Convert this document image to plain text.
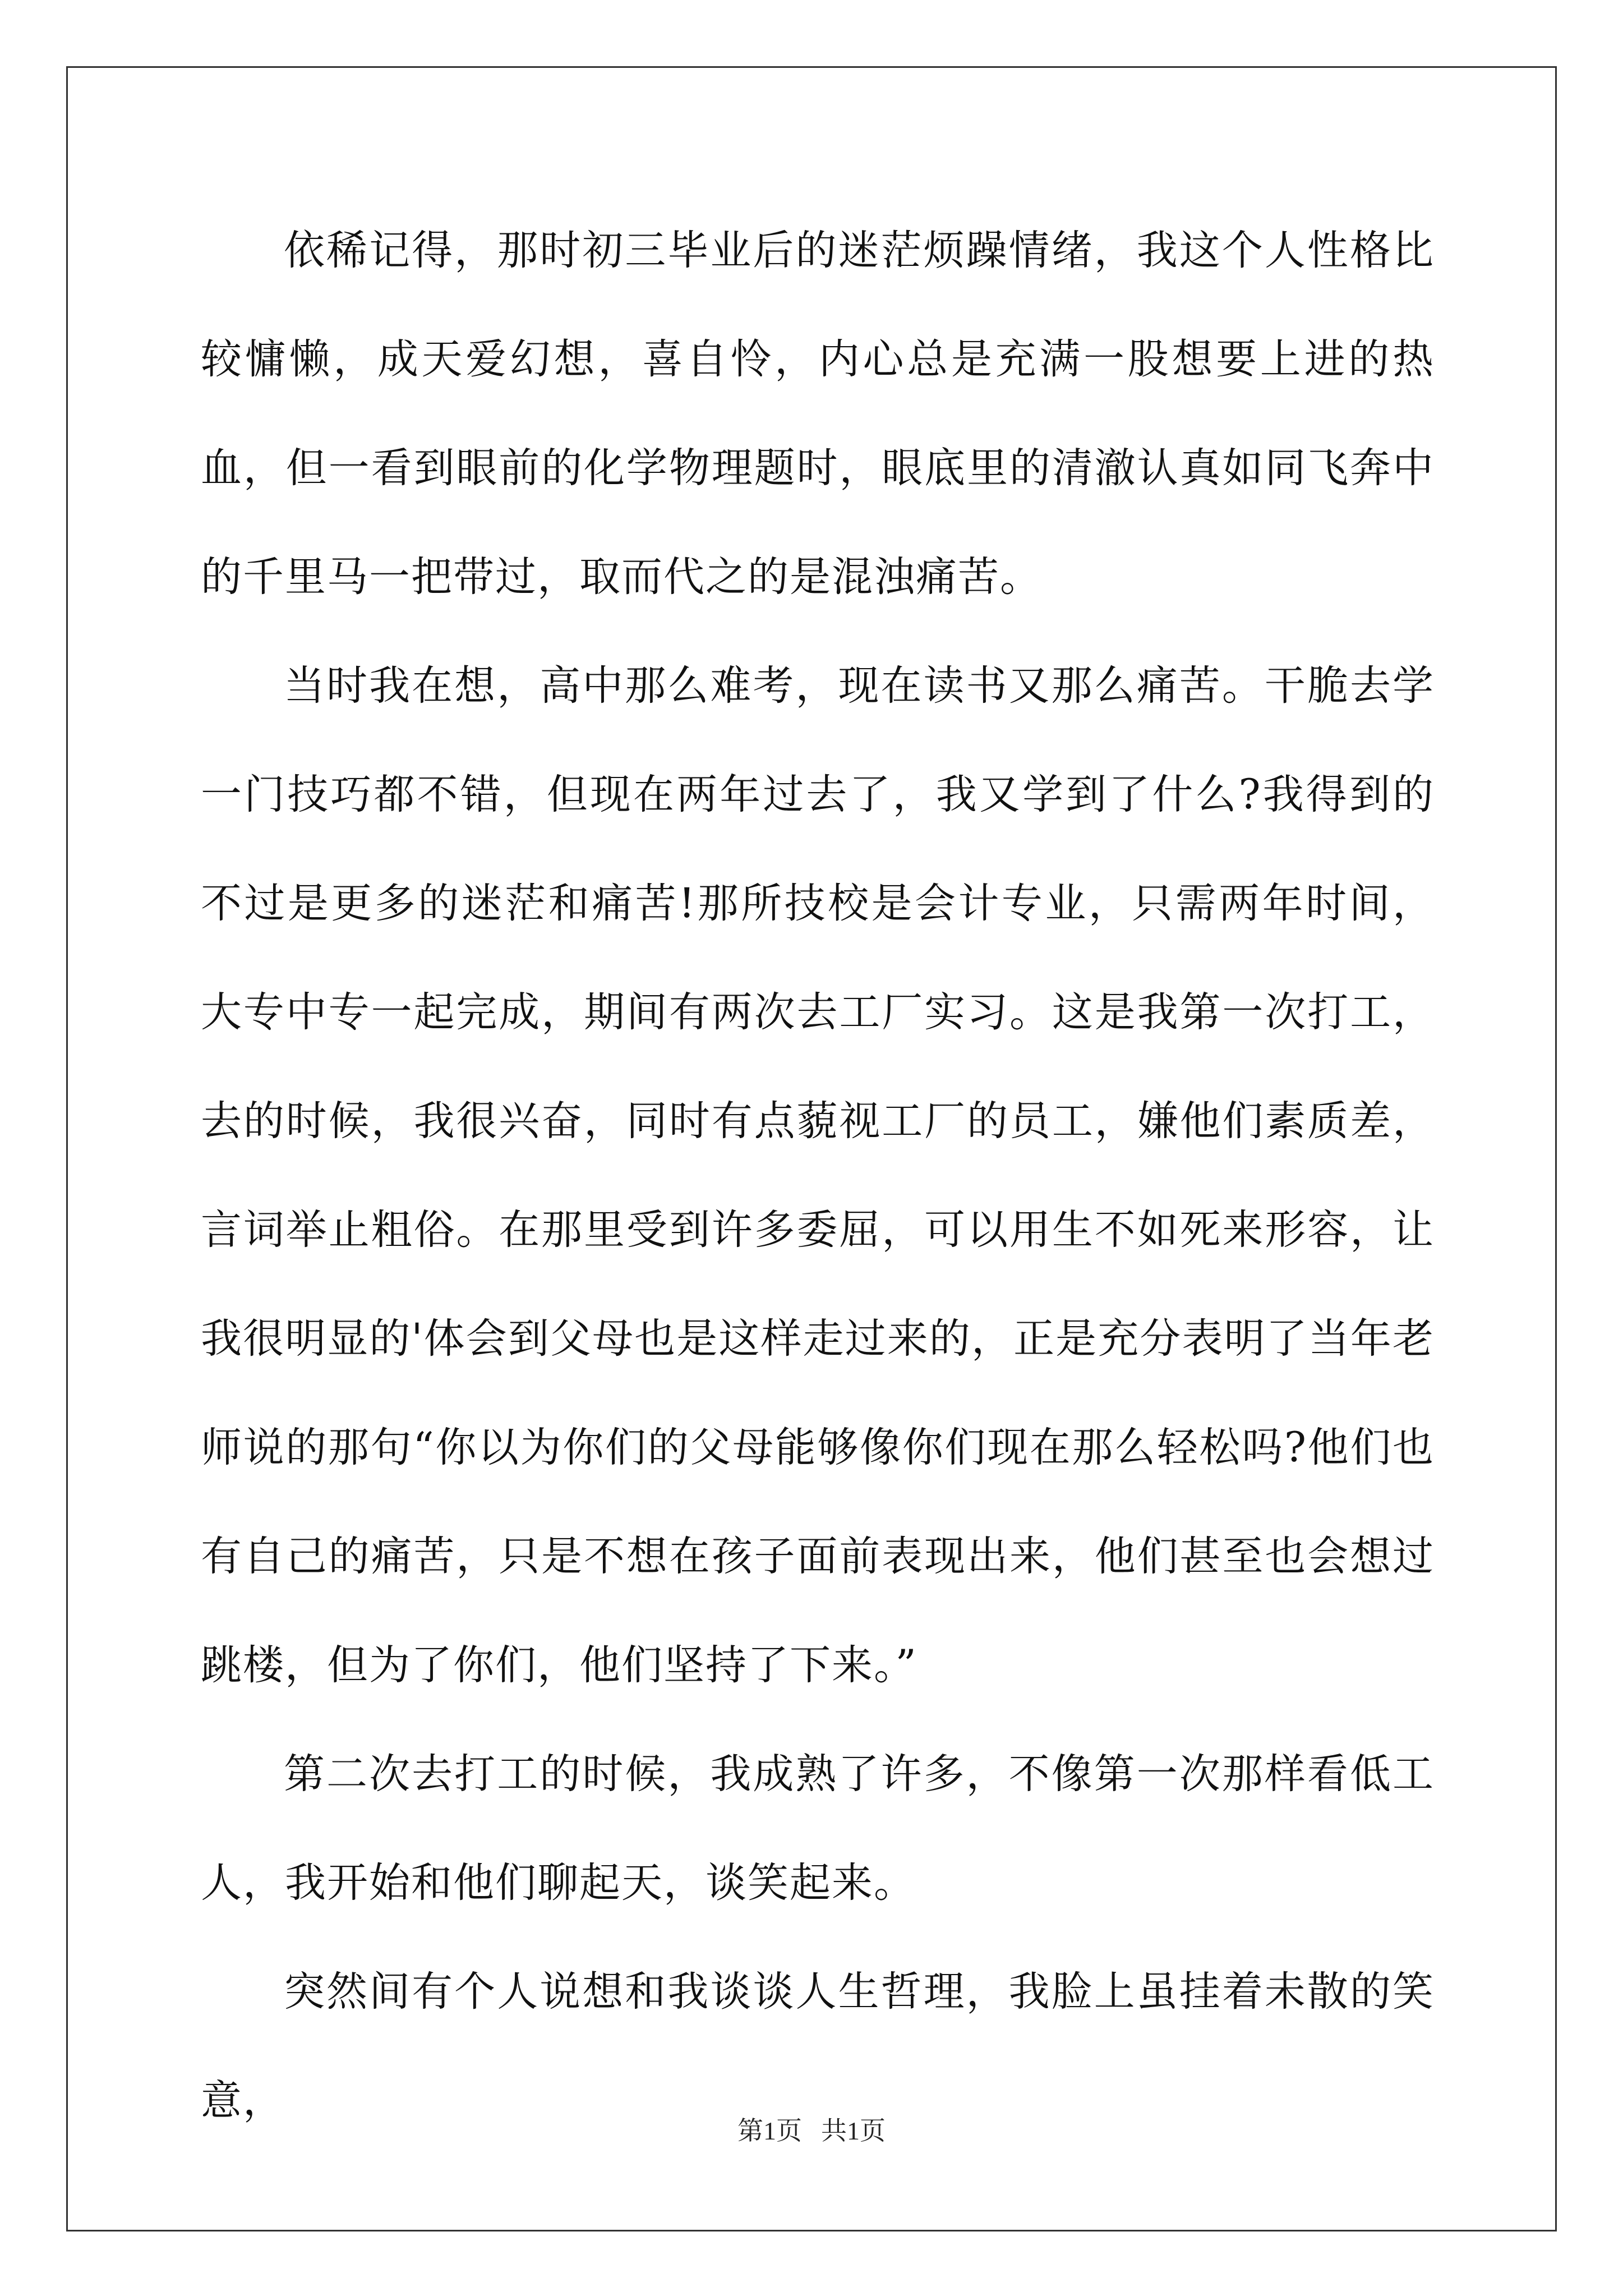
依稀记得，那时初三毕业后的迷茫烦躁情绪，我这个人性格比较慵懒，成天爱幻想，喜自怜，内心总是充满一股想要上进的热血，但一看到眼前的化学物理题时，眼底里的清澈认真如同飞奔中的千里马一把带过，取而代之的是混浊痛苦。

当时我在想，高中那么难考，现在读书又那么痛苦。干脆去学一门技巧都不错，但现在两年过去了，我又学到了什么?我得到的不过是更多的迷茫和痛苦!那所技校是会计专业，只需两年时间，大专中专一起完成，期间有两次去工厂实习。这是我第一次打工，去的时候，我很兴奋，同时有点藐视工厂的员工，嫌他们素质差，言词举止粗俗。在那里受到许多委屈，可以用生不如死来形容，让我很明显的'体会到父母也是这样走过来的，正是充分表明了当年老师说的那句“你以为你们的父母能够像你们现在那么轻松吗?他们也有自己的痛苦，只是不想在孩子面前表现出来，他们甚至也会想过跳楼，但为了你们，他们坚持了下来。”

第二次去打工的时候，我成熟了许多，不像第一次那样看低工人，我开始和他们聊起天，谈笑起来。

突然间有个人说想和我谈谈人生哲理，我脸上虽挂着未散的笑意，

第1页 共1页
